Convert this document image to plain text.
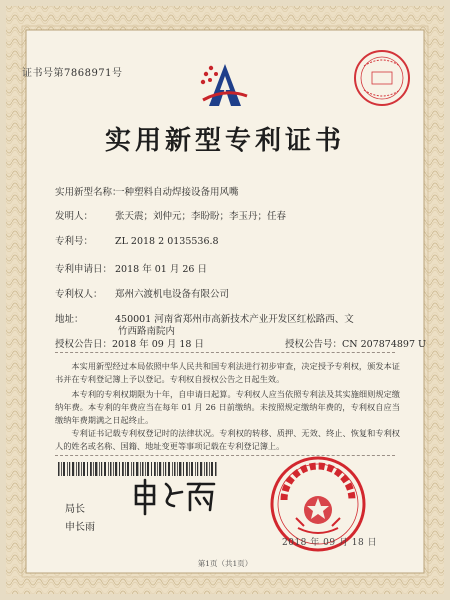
证书号第7868971号
实用新型专利证书
实用新型名称：一种塑料自动焊接设备用风嘴
发明人： 张天震；刘仲元；李盼盼；李玉丹；任春
专利号： ZL 2018 2 0135536.8
专利申请日： 2018 年 01 月 26 日
专利权人： 郑州六渡机电设备有限公司
地址：	450001 河南省郑州市高新技术产业开发区红松路西、文
竹西路南院内
授权公告日：2018 年 09 月 18 日	授权公告号：CN 207874897 U
本实用新型经过本局依照中华人民共和国专利法进行初步审查，决定授予专利权，颁发本证书并在专利登记簿上予以登记。专利权自授权公告之日起生效。
本专利的专利权期限为十年，自申请日起算。专利权人应当依照专利法及其实施细则规定缴纳年费。本专利的年费应当在每年 01 月 26 日前缴纳。未按照规定缴纳年费的，专利权自应当缴纳年费期满之日起终止。
专利证书记载专利权登记时的法律状况。专利权的转移、质押、无效、终止、恢复和专利权人的姓名或名称、国籍、地址变更等事项记载在专利登记簿上。
局长
申长雨
2018 年 09 月 18 日
第1页（共1页）
